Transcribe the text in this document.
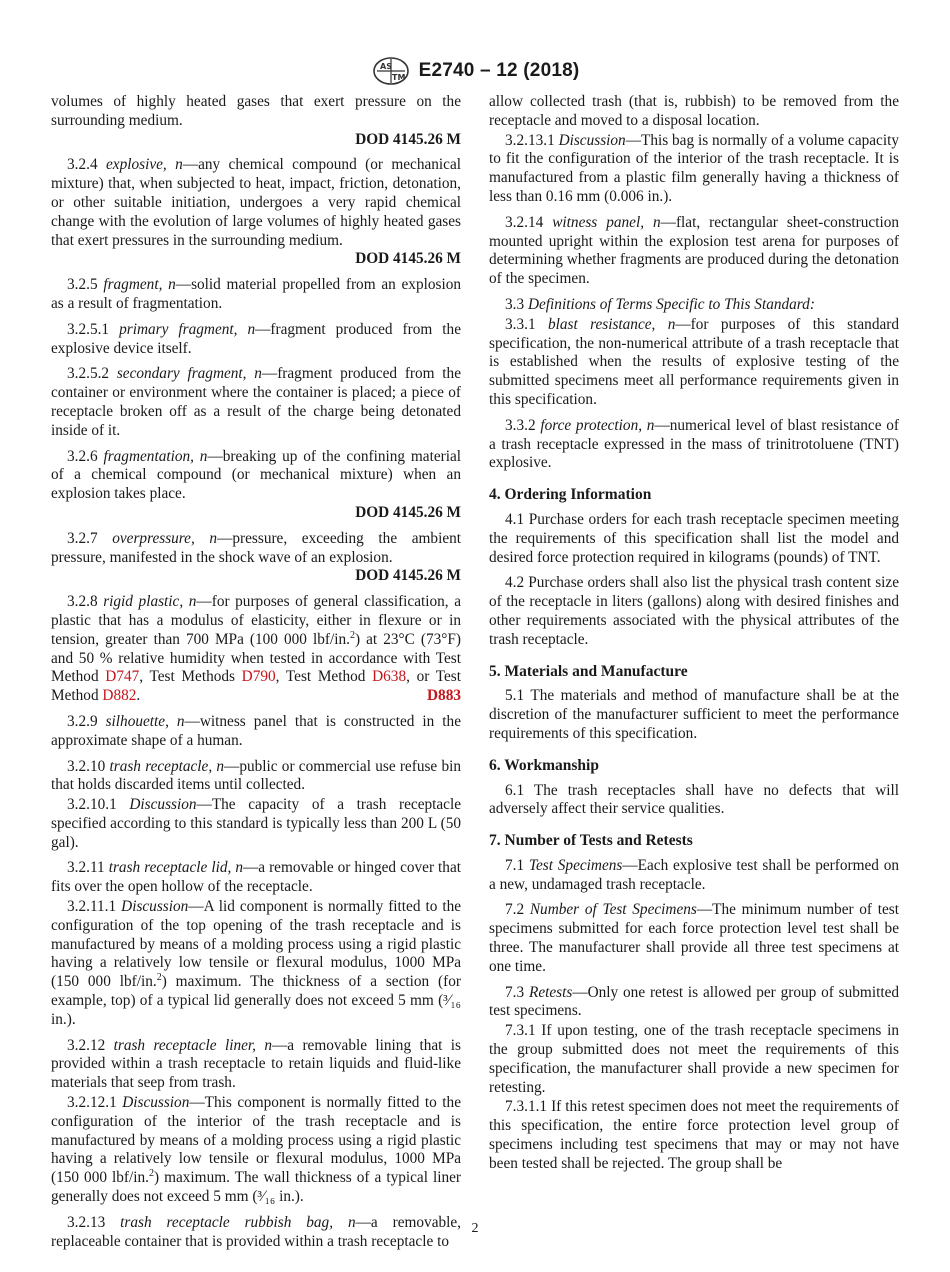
AS
TM E2740 – 12 (2018)

volumes of highly heated gases that exert pressure on the surrounding medium.
DOD 4145.26 M

3.2.4 explosive, n—any chemical compound (or mechanical mixture) that, when subjected to heat, impact, friction, detonation, or other suitable initiation, undergoes a very rapid chemical change with the evolution of large volumes of highly heated gases that exert pressures in the surrounding medium.
DOD 4145.26 M

3.2.5 fragment, n—solid material propelled from an explosion as a result of fragmentation.

3.2.5.1 primary fragment, n—fragment produced from the explosive device itself.

3.2.5.2 secondary fragment, n—fragment produced from the container or environment where the container is placed; a piece of receptacle broken off as a result of the charge being detonated inside of it.

3.2.6 fragmentation, n—breaking up of the confining material of a chemical compound (or mechanical mixture) when an explosion takes place.
DOD 4145.26 M

3.2.7 overpressure, n—pressure, exceeding the ambient pressure, manifested in the shock wave of an explosion.
DOD 4145.26 M

3.2.8 rigid plastic, n—for purposes of general classification, a plastic that has a modulus of elasticity, either in flexure or in tension, greater than 700 MPa (100 000 lbf/in.$^2$) at 23°C (73°F) and 50 % relative humidity when tested in accordance with Test Method D747, Test Methods D790, Test Method D638, or Test Method D882.	D883

3.2.9 silhouette, n—witness panel that is constructed in the approximate shape of a human.

3.2.10 trash receptacle, n—public or commercial use refuse bin that holds discarded items until collected.

3.2.10.1 Discussion—The capacity of a trash receptacle specified according to this standard is typically less than 200 L (50 gal).

3.2.11 trash receptacle lid, n—a removable or hinged cover that fits over the open hollow of the receptacle.

3.2.11.1 Discussion—A lid component is normally fitted to the configuration of the top opening of the trash receptacle and is manufactured by means of a molding process using a rigid plastic having a relatively low tensile or flexural modulus, 1000 MPa (150 000 lbf/in.$^2$) maximum. The thickness of a section (for example, top) of a typical lid generally does not exceed 5 mm (³⁄₁₆ in.).

3.2.12 trash receptacle liner, n—a removable lining that is provided within a trash receptacle to retain liquids and fluid-like materials that seep from trash.

3.2.12.1 Discussion—This component is normally fitted to the configuration of the interior of the trash receptacle and is manufactured by means of a molding process using a rigid plastic having a relatively low tensile or flexural modulus, 1000 MPa (150 000 lbf/in.$^2$) maximum. The wall thickness of a typical liner generally does not exceed 5 mm (³⁄₁₆ in.).

3.2.13 trash receptacle rubbish bag, n—a removable, replaceable container that is provided within a trash receptacle to

allow collected trash (that is, rubbish) to be removed from the receptacle and moved to a disposal location.

3.2.13.1 Discussion—This bag is normally of a volume capacity to fit the configuration of the interior of the trash receptacle. It is manufactured from a plastic film generally having a thickness of less than 0.16 mm (0.006 in.).

3.2.14 witness panel, n—flat, rectangular sheet-construction mounted upright within the explosion test arena for purposes of determining whether fragments are produced during the detonation of the specimen.

3.3 Definitions of Terms Specific to This Standard:

3.3.1 blast resistance, n—for purposes of this standard specification, the non-numerical attribute of a trash receptacle that is established when the results of explosive testing of the submitted specimens meet all performance requirements given in this specification.

3.3.2 force protection, n—numerical level of blast resistance of a trash receptacle expressed in the mass of trinitrotoluene (TNT) explosive.

4. Ordering Information

4.1 Purchase orders for each trash receptacle specimen meeting the requirements of this specification shall list the model and desired force protection required in kilograms (pounds) of TNT.

4.2 Purchase orders shall also list the physical trash content size of the receptacle in liters (gallons) along with desired finishes and other requirements associated with the physical attributes of the trash receptacle.

5. Materials and Manufacture

5.1 The materials and method of manufacture shall be at the discretion of the manufacturer sufficient to meet the performance requirements of this specification.

6. Workmanship

6.1 The trash receptacles shall have no defects that will adversely affect their service qualities.

7. Number of Tests and Retests

7.1 Test Specimens—Each explosive test shall be performed on a new, undamaged trash receptacle.

7.2 Number of Test Specimens—The minimum number of test specimens submitted for each force protection level test shall be three. The manufacturer shall provide all three test specimens at one time.

7.3 Retests—Only one retest is allowed per group of submitted test specimens.

7.3.1 If upon testing, one of the trash receptacle specimens in the group submitted does not meet the requirements of this specification, the manufacturer shall provide a new specimen for retesting.

7.3.1.1 If this retest specimen does not meet the requirements of this specification, the entire force protection level group of specimens including test specimens that may or may not have been tested shall be rejected. The group shall be

2
